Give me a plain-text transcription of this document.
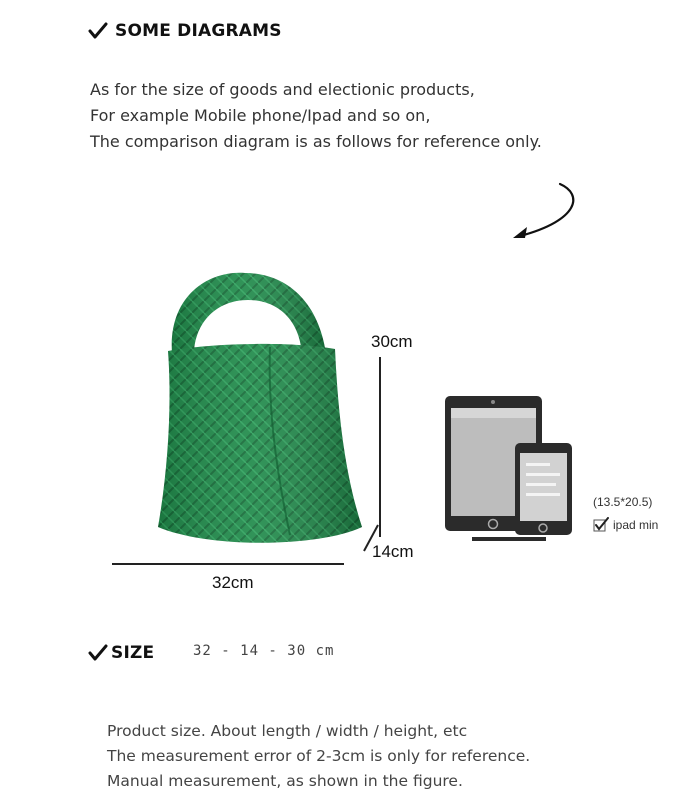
SOME DIAGRAMS
As for the size of goods and electionic products,
For example Mobile phone/Ipad and so on,
The comparison diagram is as follows for reference only.
30cm
14cm
32cm
(13.5*20.5)
ipad min
SIZE	32 - 14 - 30 cm
Product size. About length / width / height, etc
The measurement error of 2-3cm is only for reference.
Manual measurement, as shown in the figure.
